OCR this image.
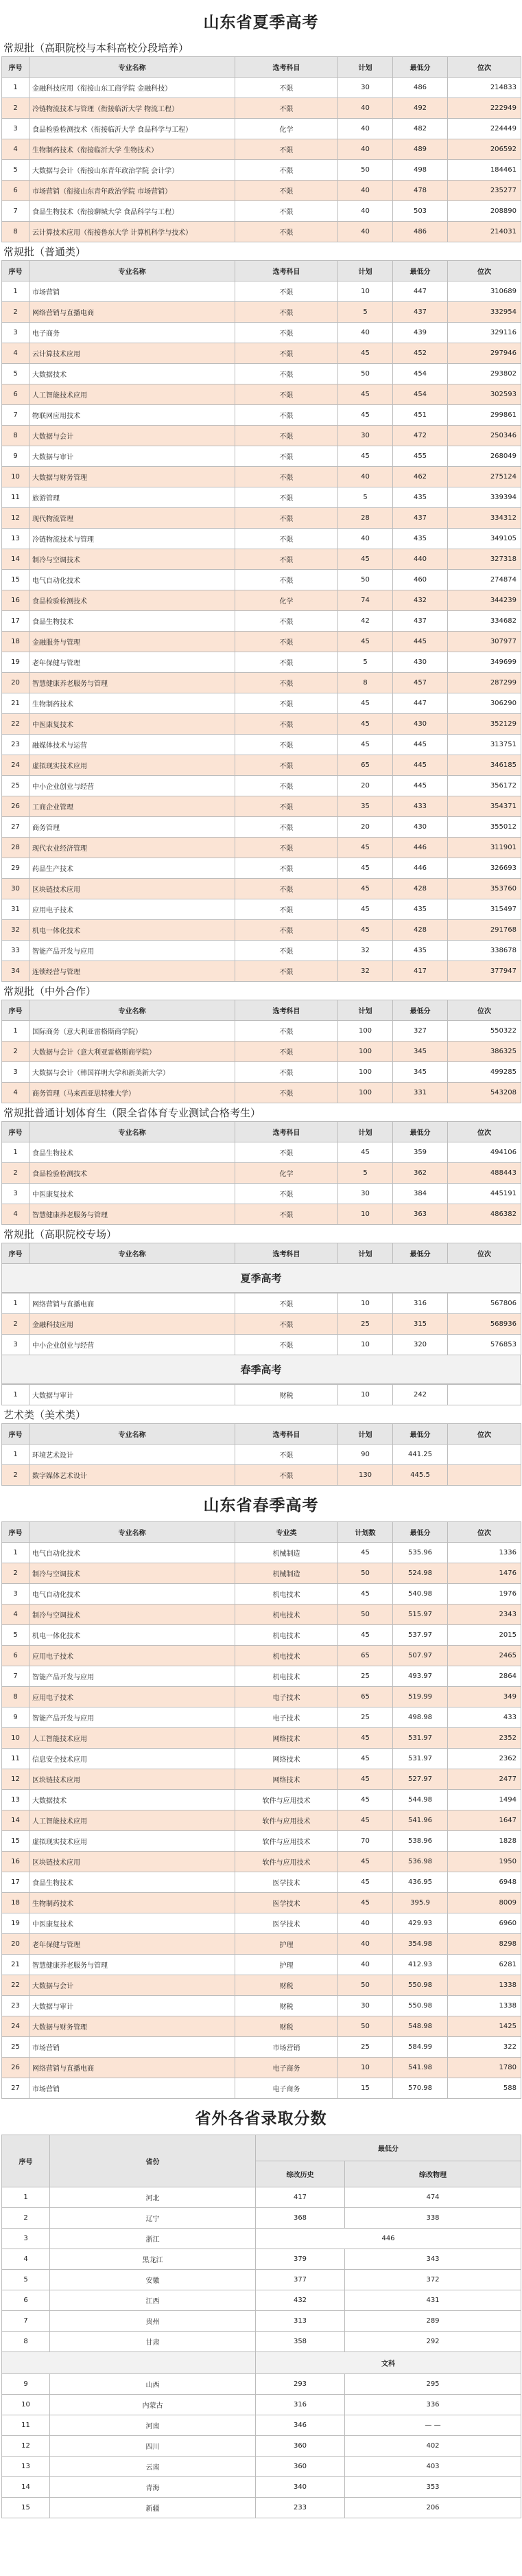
山东省夏季高考
常规批（高职院校与本科高校分段培养）
序号	专业名称	选考科目	计划	最低分	位次
1	金融科技应用（衔接山东工商学院 金融科技）	不限	30	486	214833
2	冷链物流技术与管理（衔接临沂大学 物流工程）	不限	40	492	222949
3	食品检验检测技术（衔接临沂大学 食品科学与工程）	化学	40	482	224449
4	生物制药技术（衔接临沂大学 生物技术）	不限	40	489	206592
5	大数据与会计（衔接山东青年政治学院 会计学）	不限	50	498	184461
6	市场营销（衔接山东青年政治学院 市场营销）	不限	40	478	235277
7	食品生物技术（衔接聊城大学 食品科学与工程）	不限	40	503	208890
8	云计算技术应用（衔接鲁东大学 计算机科学与技术）	不限	40	486	214031
常规批（普通类）
序号	专业名称	选考科目	计划	最低分	位次
1	市场营销	不限	10	447	310689
2	网络营销与直播电商	不限	5	437	332954
3	电子商务	不限	40	439	329116
4	云计算技术应用	不限	45	452	297946
5	大数据技术	不限	50	454	293802
6	人工智能技术应用	不限	45	454	302593
7	物联网应用技术	不限	45	451	299861
8	大数据与会计	不限	30	472	250346
9	大数据与审计	不限	45	455	268049
10	大数据与财务管理	不限	40	462	275124
11	旅游管理	不限	5	435	339394
12	现代物流管理	不限	28	437	334312
13	冷链物流技术与管理	不限	40	435	349105
14	制冷与空调技术	不限	45	440	327318
15	电气自动化技术	不限	50	460	274874
16	食品检验检测技术	化学	74	432	344239
17	食品生物技术	不限	42	437	334682
18	金融服务与管理	不限	45	445	307977
19	老年保健与管理	不限	5	430	349699
20	智慧健康养老服务与管理	不限	8	457	287299
21	生物制药技术	不限	45	447	306290
22	中医康复技术	不限	45	430	352129
23	融媒体技术与运营	不限	45	445	313751
24	虚拟现实技术应用	不限	65	445	346185
25	中小企业创业与经营	不限	20	445	356172
26	工商企业管理	不限	35	433	354371
27	商务管理	不限	20	430	355012
28	现代农业经济管理	不限	45	446	311901
29	药品生产技术	不限	45	446	326693
30	区块链技术应用	不限	45	428	353760
31	应用电子技术	不限	45	435	315497
32	机电一体化技术	不限	45	428	291768
33	智能产品开发与应用	不限	32	435	338678
34	连锁经营与管理	不限	32	417	377947
常规批（中外合作）
序号	专业名称	选考科目	计划	最低分	位次
1	国际商务（意大利亚雷格斯商学院）	不限	100	327	550322
2	大数据与会计（意大利亚雷格斯商学院）	不限	100	345	386325
3	大数据与会计（韩国祥明大学和新美新大学）	不限	100	345	499285
4	商务管理（马来西亚思特雅大学）	不限	100	331	543208
常规批普通计划体育生（限全省体育专业测试合格考生）
序号	专业名称	选考科目	计划	最低分	位次
1	食品生物技术	不限	45	359	494106
2	食品检验检测技术	化学	5	362	488443
3	中医康复技术	不限	30	384	445191
4	智慧健康养老服务与管理	不限	10	363	486382
常规批（高职院校专场）
序号	专业名称	选考科目	计划	最低分	位次
夏季高考
1	网络营销与直播电商	不限	10	316	567806
2	金融科技应用	不限	25	315	568936
3	中小企业创业与经营	不限	10	320	576853
春季高考
1	大数据与审计	财税	10	242	
艺术类（美术类）
序号	专业名称	选考科目	计划	最低分	位次
1	环境艺术设计	不限	90	441.25	
2	数字媒体艺术设计	不限	130	445.5	
山东省春季高考
序号	专业名称	专业类	计划数	最低分	位次
1	电气自动化技术	机械制造	45	535.96	1336
2	制冷与空调技术	机械制造	50	524.98	1476
3	电气自动化技术	机电技术	45	540.98	1976
4	制冷与空调技术	机电技术	50	515.97	2343
5	机电一体化技术	机电技术	45	537.97	2015
6	应用电子技术	机电技术	65	507.97	2465
7	智能产品开发与应用	机电技术	25	493.97	2864
8	应用电子技术	电子技术	65	519.99	349
9	智能产品开发与应用	电子技术	25	498.98	433
10	人工智能技术应用	网络技术	45	531.97	2352
11	信息安全技术应用	网络技术	45	531.97	2362
12	区块链技术应用	网络技术	45	527.97	2477
13	大数据技术	软件与应用技术	45	544.98	1494
14	人工智能技术应用	软件与应用技术	45	541.96	1647
15	虚拟现实技术应用	软件与应用技术	70	538.96	1828
16	区块链技术应用	软件与应用技术	45	536.98	1950
17	食品生物技术	医学技术	45	436.95	6948
18	生物制药技术	医学技术	45	395.9	8009
19	中医康复技术	医学技术	40	429.93	6960
20	老年保健与管理	护理	40	354.98	8298
21	智慧健康养老服务与管理	护理	40	412.93	6281
22	大数据与会计	财税	50	550.98	1338
23	大数据与审计	财税	30	550.98	1338
24	大数据与财务管理	财税	50	548.98	1425
25	市场营销	市场营销	25	584.99	322
26	网络营销与直播电商	电子商务	10	541.98	1780
27	市场营销	电子商务	15	570.98	588
省外各省录取分数
序号	省份	最低分	
		综改历史	综改物理
1	河北	417	474
2	辽宁	368	338
3	浙江	446	
4	黑龙江	379	343
5	安徽	377	372
6	江西	432	431
7	贵州	313	289
8	甘肃	358	292
		文科	
9	山西	293	295
10	内蒙古	316	336
11	河南	346	— —
12	四川	360	402
13	云南	360	403
14	青海	340	353
15	新疆	233	206
